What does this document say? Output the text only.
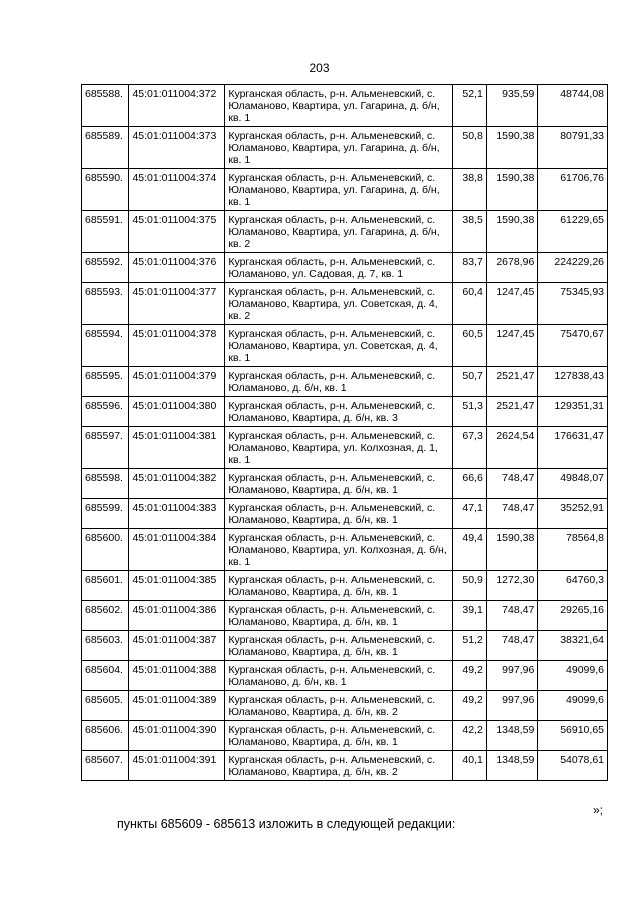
203
685588.	45:01:011004:372	Курганская область, р-н. Альменевский, с. Юламаново, Квартира, ул. Гагарина, д. б/н, кв. 1	52,1	935,59	48744,08
685589.	45:01:011004:373	Курганская область, р-н. Альменевский, с. Юламаново, Квартира, ул. Гагарина, д. б/н, кв. 1	50,8	1590,38	80791,33
685590.	45:01:011004:374	Курганская область, р-н. Альменевский, с. Юламаново, Квартира, ул. Гагарина, д. б/н, кв. 1	38,8	1590,38	61706,76
685591.	45:01:011004:375	Курганская область, р-н. Альменевский, с. Юламаново, Квартира, ул. Гагарина, д. б/н, кв. 2	38,5	1590,38	61229,65
685592.	45:01:011004:376	Курганская область, р-н. Альменевский, с. Юламаново, ул. Садовая, д. 7, кв. 1	83,7	2678,96	224229,26
685593.	45:01:011004:377	Курганская область, р-н. Альменевский, с. Юламаново, Квартира, ул. Советская, д. 4, кв. 2	60,4	1247,45	75345,93
685594.	45:01:011004:378	Курганская область, р-н. Альменевский, с. Юламаново, Квартира, ул. Советская, д. 4, кв. 1	60,5	1247,45	75470,67
685595.	45:01:011004:379	Курганская область, р-н. Альменевский, с. Юламаново, д. б/н, кв. 1	50,7	2521,47	127838,43
685596.	45:01:011004:380	Курганская область, р-н. Альменевский, с. Юламаново, Квартира, д. б/н, кв. 3	51,3	2521,47	129351,31
685597.	45:01:011004:381	Курганская область, р-н. Альменевский, с. Юламаново, Квартира, ул. Колхозная, д. 1, кв. 1	67,3	2624,54	176631,47
685598.	45:01:011004:382	Курганская область, р-н. Альменевский, с. Юламаново, Квартира, д. б/н, кв. 1	66,6	748,47	49848,07
685599.	45:01:011004:383	Курганская область, р-н. Альменевский, с. Юламаново, Квартира, д. б/н, кв. 1	47,1	748,47	35252,91
685600.	45:01:011004:384	Курганская область, р-н. Альменевский, с. Юламаново, Квартира, ул. Колхозная, д. б/н, кв. 1	49,4	1590,38	78564,8
685601.	45:01:011004:385	Курганская область, р-н. Альменевский, с. Юламаново, Квартира, д. б/н, кв. 1	50,9	1272,30	64760,3
685602.	45:01:011004:386	Курганская область, р-н. Альменевский, с. Юламаново, Квартира, д. б/н, кв. 1	39,1	748,47	29265,16
685603.	45:01:011004:387	Курганская область, р-н. Альменевский, с. Юламаново, Квартира, д. б/н, кв. 1	51,2	748,47	38321,64
685604.	45:01:011004:388	Курганская область, р-н. Альменевский, с. Юламаново, д. б/н, кв. 1	49,2	997,96	49099,6
685605.	45:01:011004:389	Курганская область, р-н. Альменевский, с. Юламаново, Квартира, д. б/н, кв. 2	49,2	997,96	49099,6
685606.	45:01:011004:390	Курганская область, р-н. Альменевский, с. Юламаново, Квартира, д. б/н, кв. 1	42,2	1348,59	56910,65
685607.	45:01:011004:391	Курганская область, р-н. Альменевский, с. Юламаново, Квартира, д. б/н, кв. 2	40,1	1348,59	54078,61
»;
пункты 685609 - 685613 изложить в следующей редакции:
